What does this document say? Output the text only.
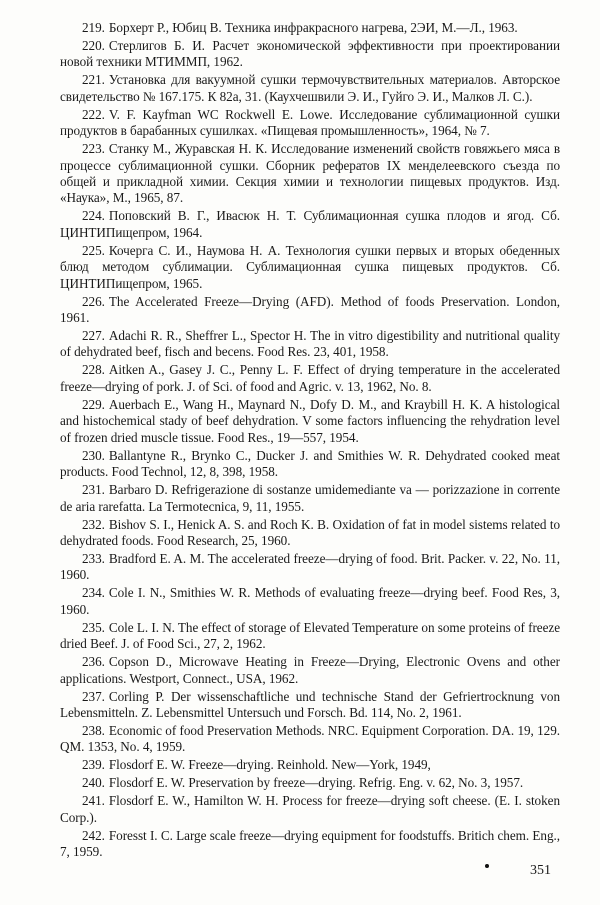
219. Борхерт Р., Юбиц В. Техника инфракрасного нагрева, 2ЭИ, М.—Л., 1963.

220. Стерлигов Б. И. Расчет экономической эффективности при проектировании новой техники МТИММП, 1962.

221. Установка для вакуумной сушки термочувствительных материалов. Авторское свидетельство № 167.175. К 82а, 31. (Каухчешвили Э. И., Гуйго Э. И., Малков Л. С.).

222. V. F. Kayfman WC Rockwell E. Lowe. Исследование сублимационной сушки продуктов в барабанных сушилках. «Пищевая промышленность», 1964, № 7.

223. Станку М., Журавская Н. К. Исследование изменений свойств говяжьего мяса в процессе сублимационной сушки. Сборник рефератов IX менделеевского съезда по общей и прикладной химии. Секция химии и технологии пищевых продуктов. Изд. «Наука», М., 1965, 87.

224. Поповский В. Г., Ивасюк Н. Т. Сублимационная сушка плодов и ягод. Сб. ЦИНТИПищепром, 1964.

225. Кочерга С. И., Наумова Н. А. Технология сушки первых и вторых обеденных блюд методом сублимации. Сублимационная сушка пищевых продуктов. Сб. ЦИНТИПищепром, 1965.

226. The Accelerated Freeze—Drying (AFD). Method of foods Preservation. London, 1961.

227. Adachi R. R., Sheffrer L., Spector H. The in vitro digestibility and nutritional quality of dehydrated beef, fisch and becens. Food Res. 23, 401, 1958.

228. Aitken A., Gasey J. C., Penny L. F. Effect of drying temperature in the accelerated freeze—drying of pork. J. of Sci. of food and Agric. v. 13, 1962, No. 8.

229. Auerbach E., Wang H., Maynard N., Dofy D. M., and Kraybill H. K. A histological and histochemical stady of beef dehydration. V some factors influencing the rehydration level of frozen dried muscle tissue. Food Res., 19—557, 1954.

230. Ballantyne R., Brynko C., Ducker J. and Smithies W. R. Dehydrated cooked meat products. Food Technol, 12, 8, 398, 1958.

231. Barbaro D. Refrigerazione di sostanze umidemediante va — porizzazione in corrente de aria rarefatta. La Termotecnica, 9, 11, 1955.

232. Bishov S. I., Henick A. S. and Roch K. B. Oxidation of fat in model sistems related to dehydrated foods. Food Research, 25, 1960.

233. Bradford E. A. M. The accelerated freeze—drying of food. Brit. Packer. v. 22, No. 11, 1960.

234. Cole I. N., Smithies W. R. Methods of evaluating freeze—drying beef. Food Res, 3, 1960.

235. Cole L. I. N. The effect of storage of Elevated Temperature on some proteins of freeze dried Beef. J. of Food Sci., 27, 2, 1962.

236. Copson D., Microwave Heating in Freeze—Drying, Electronic Ovens and other applications. Westport, Connect., USA, 1962.

237. Corling P. Der wissenschaftliche und technische Stand der Gefriertrocknung von Lebensmitteln. Z. Lebensmittel Untersuch und Forsch. Bd. 114, No. 2, 1961.

238. Economic of food Preservation Methods. NRC. Equipment Corporation. DA. 19, 129. QM. 1353, No. 4, 1959.

239. Flosdorf E. W. Freeze—drying. Reinhold. New—York, 1949,

240. Flosdorf E. W. Preservation by freeze—drying. Refrig. Eng. v. 62, No. 3, 1957.

241. Flosdorf E. W., Hamilton W. H. Process for freeze—drying soft cheese. (E. I. stoken Corp.).

242. Foresst I. C. Large scale freeze—drying equipment for foodstuffs. Britich chem. Eng., 7, 1959.

351
